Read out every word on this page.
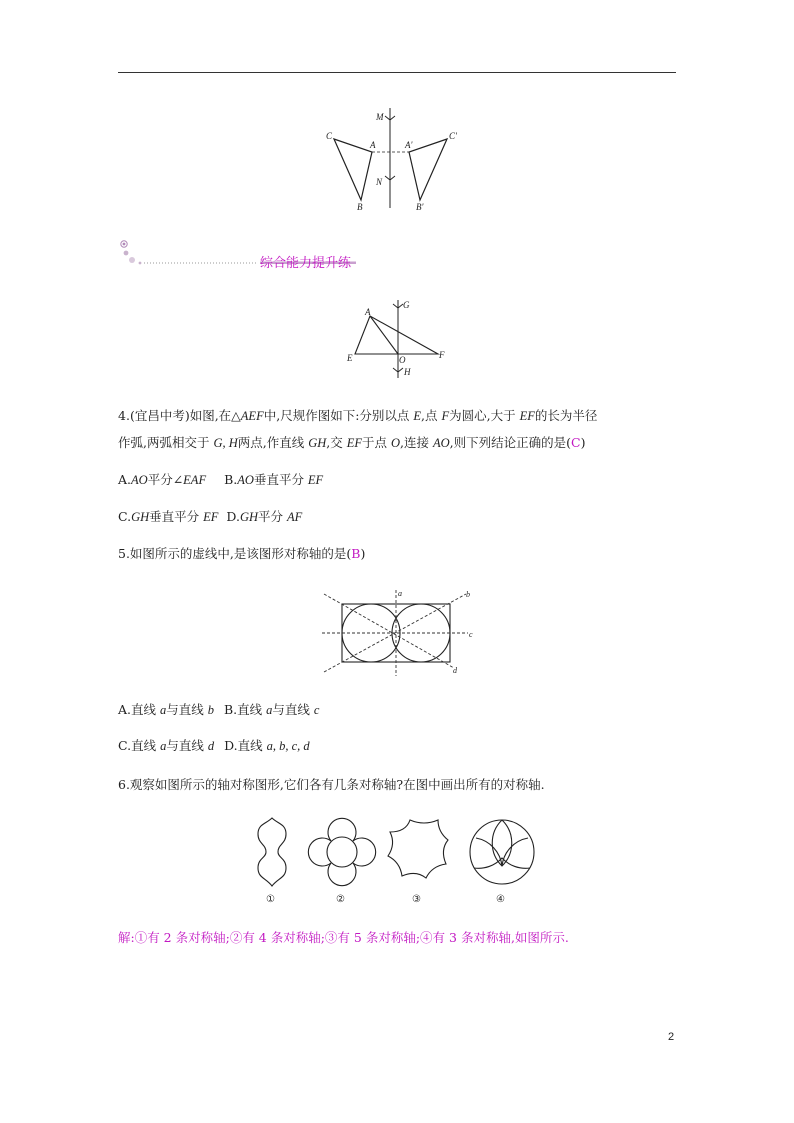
M
N
C
A
B
A'
C'
B'
综合能力提升练
A
G
E	O	F
H
4.(宜昌中考)如图,在△AEF中,尺规作图如下:分别以点 E,点 F为圆心,大于 EF的长为半径
作弧,两弧相交于 G, H两点,作直线 GH,交 EF于点 O,连接 AO,则下列结论正确的是(C)
A.AO平分∠EAF B.AO垂直平分 EF
C.GH垂直平分 EF D.GH平分 AF
5.如图所示的虚线中,是该图形对称轴的是(B)
a	b
c
d
A.直线 a与直线 b B.直线 a与直线 c
C.直线 a与直线 d D.直线 a, b, c, d
6.观察如图所示的轴对称图形,它们各有几条对称轴?在图中画出所有的对称轴.
①	②	③	④
解:①有 2 条对称轴;②有 4 条对称轴;③有 5 条对称轴;④有 3 条对称轴,如图所示.
2
